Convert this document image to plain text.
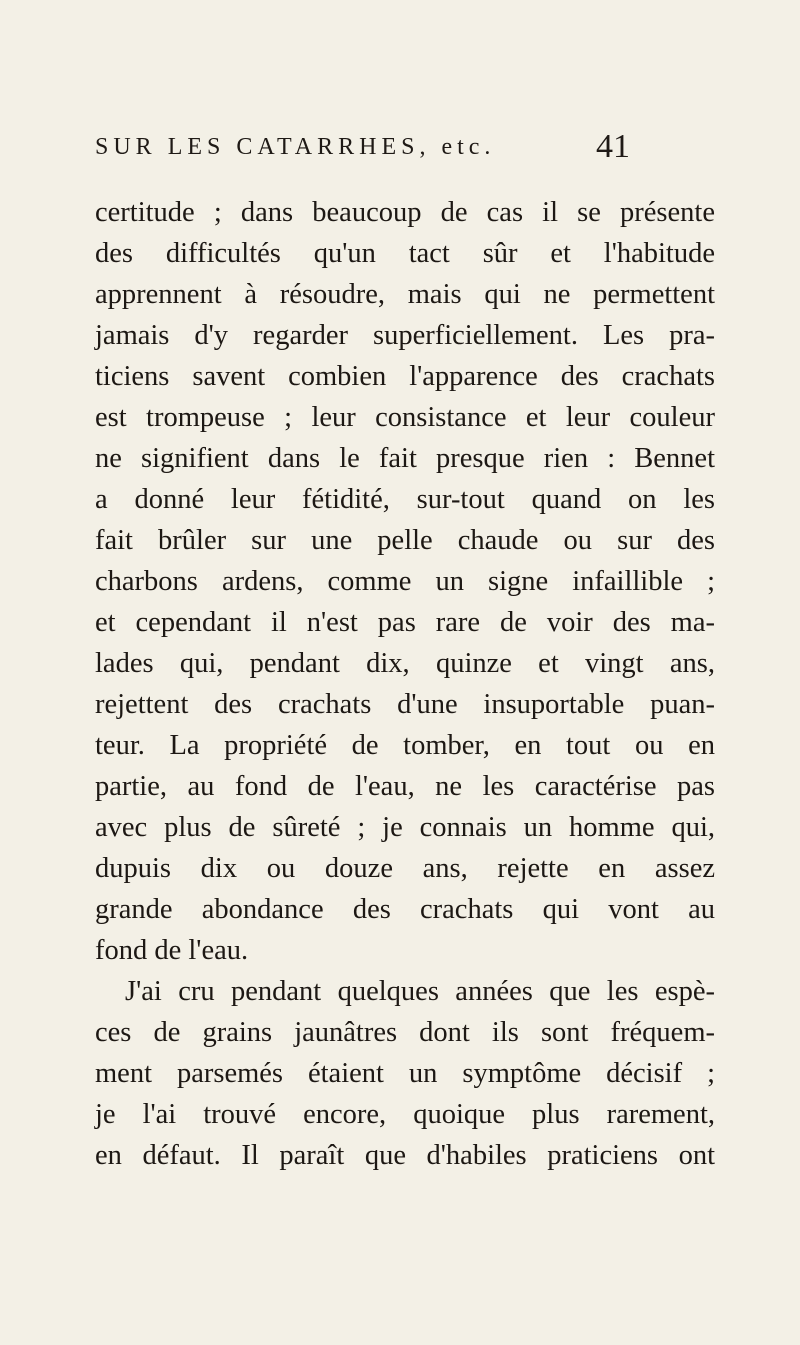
SUR LES CATARRHES, etc.	41
certitude ; dans beaucoup de cas il se présente
des difficultés qu'un tact sûr et l'habitude
apprennent à résoudre, mais qui ne permettent
jamais d'y regarder superficiellement. Les pra-
ticiens savent combien l'apparence des crachats
est trompeuse ; leur consistance et leur couleur
ne signifient dans le fait presque rien : Bennet
a donné leur fétidité, sur-tout quand on les
fait brûler sur une pelle chaude ou sur des
charbons ardens, comme un signe infaillible ;
et cependant il n'est pas rare de voir des ma-
lades qui, pendant dix, quinze et vingt ans,
rejettent des crachats d'une insuportable puan-
teur. La propriété de tomber, en tout ou en
partie, au fond de l'eau, ne les caractérise pas
avec plus de sûreté ; je connais un homme qui,
dupuis dix ou douze ans, rejette en assez
grande abondance des crachats qui vont au
fond de l'eau.
J'ai cru pendant quelques années que les espè-
ces de grains jaunâtres dont ils sont fréquem-
ment parsemés étaient un symptôme décisif ;
je l'ai trouvé encore, quoique plus rarement,
en défaut. Il paraît que d'habiles praticiens ont
